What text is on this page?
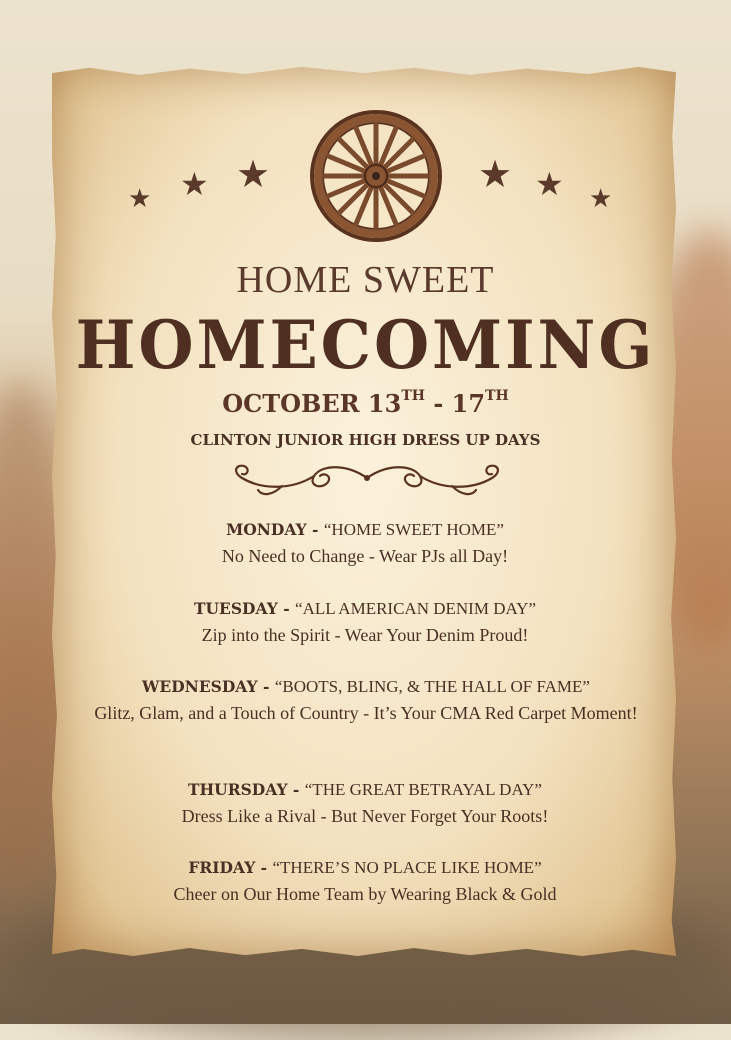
★ ★ ★	★ ★ ★
HOME SWEET
HOMECOMING
OCTOBER 13TH - 17TH
CLINTON JUNIOR HIGH DRESS UP DAYS
MONDAY - “HOME SWEET HOME”
No Need to Change - Wear PJs all Day!
TUESDAY - “ALL AMERICAN DENIM DAY”
Zip into the Spirit - Wear Your Denim Proud!
WEDNESDAY - “BOOTS, BLING, & THE HALL OF FAME”
Glitz, Glam, and a Touch of Country - It’s Your CMA Red Carpet Moment!
THURSDAY - “THE GREAT BETRAYAL DAY”
Dress Like a Rival - But Never Forget Your Roots!
FRIDAY - “THERE’S NO PLACE LIKE HOME”
Cheer on Our Home Team by Wearing Black & Gold
